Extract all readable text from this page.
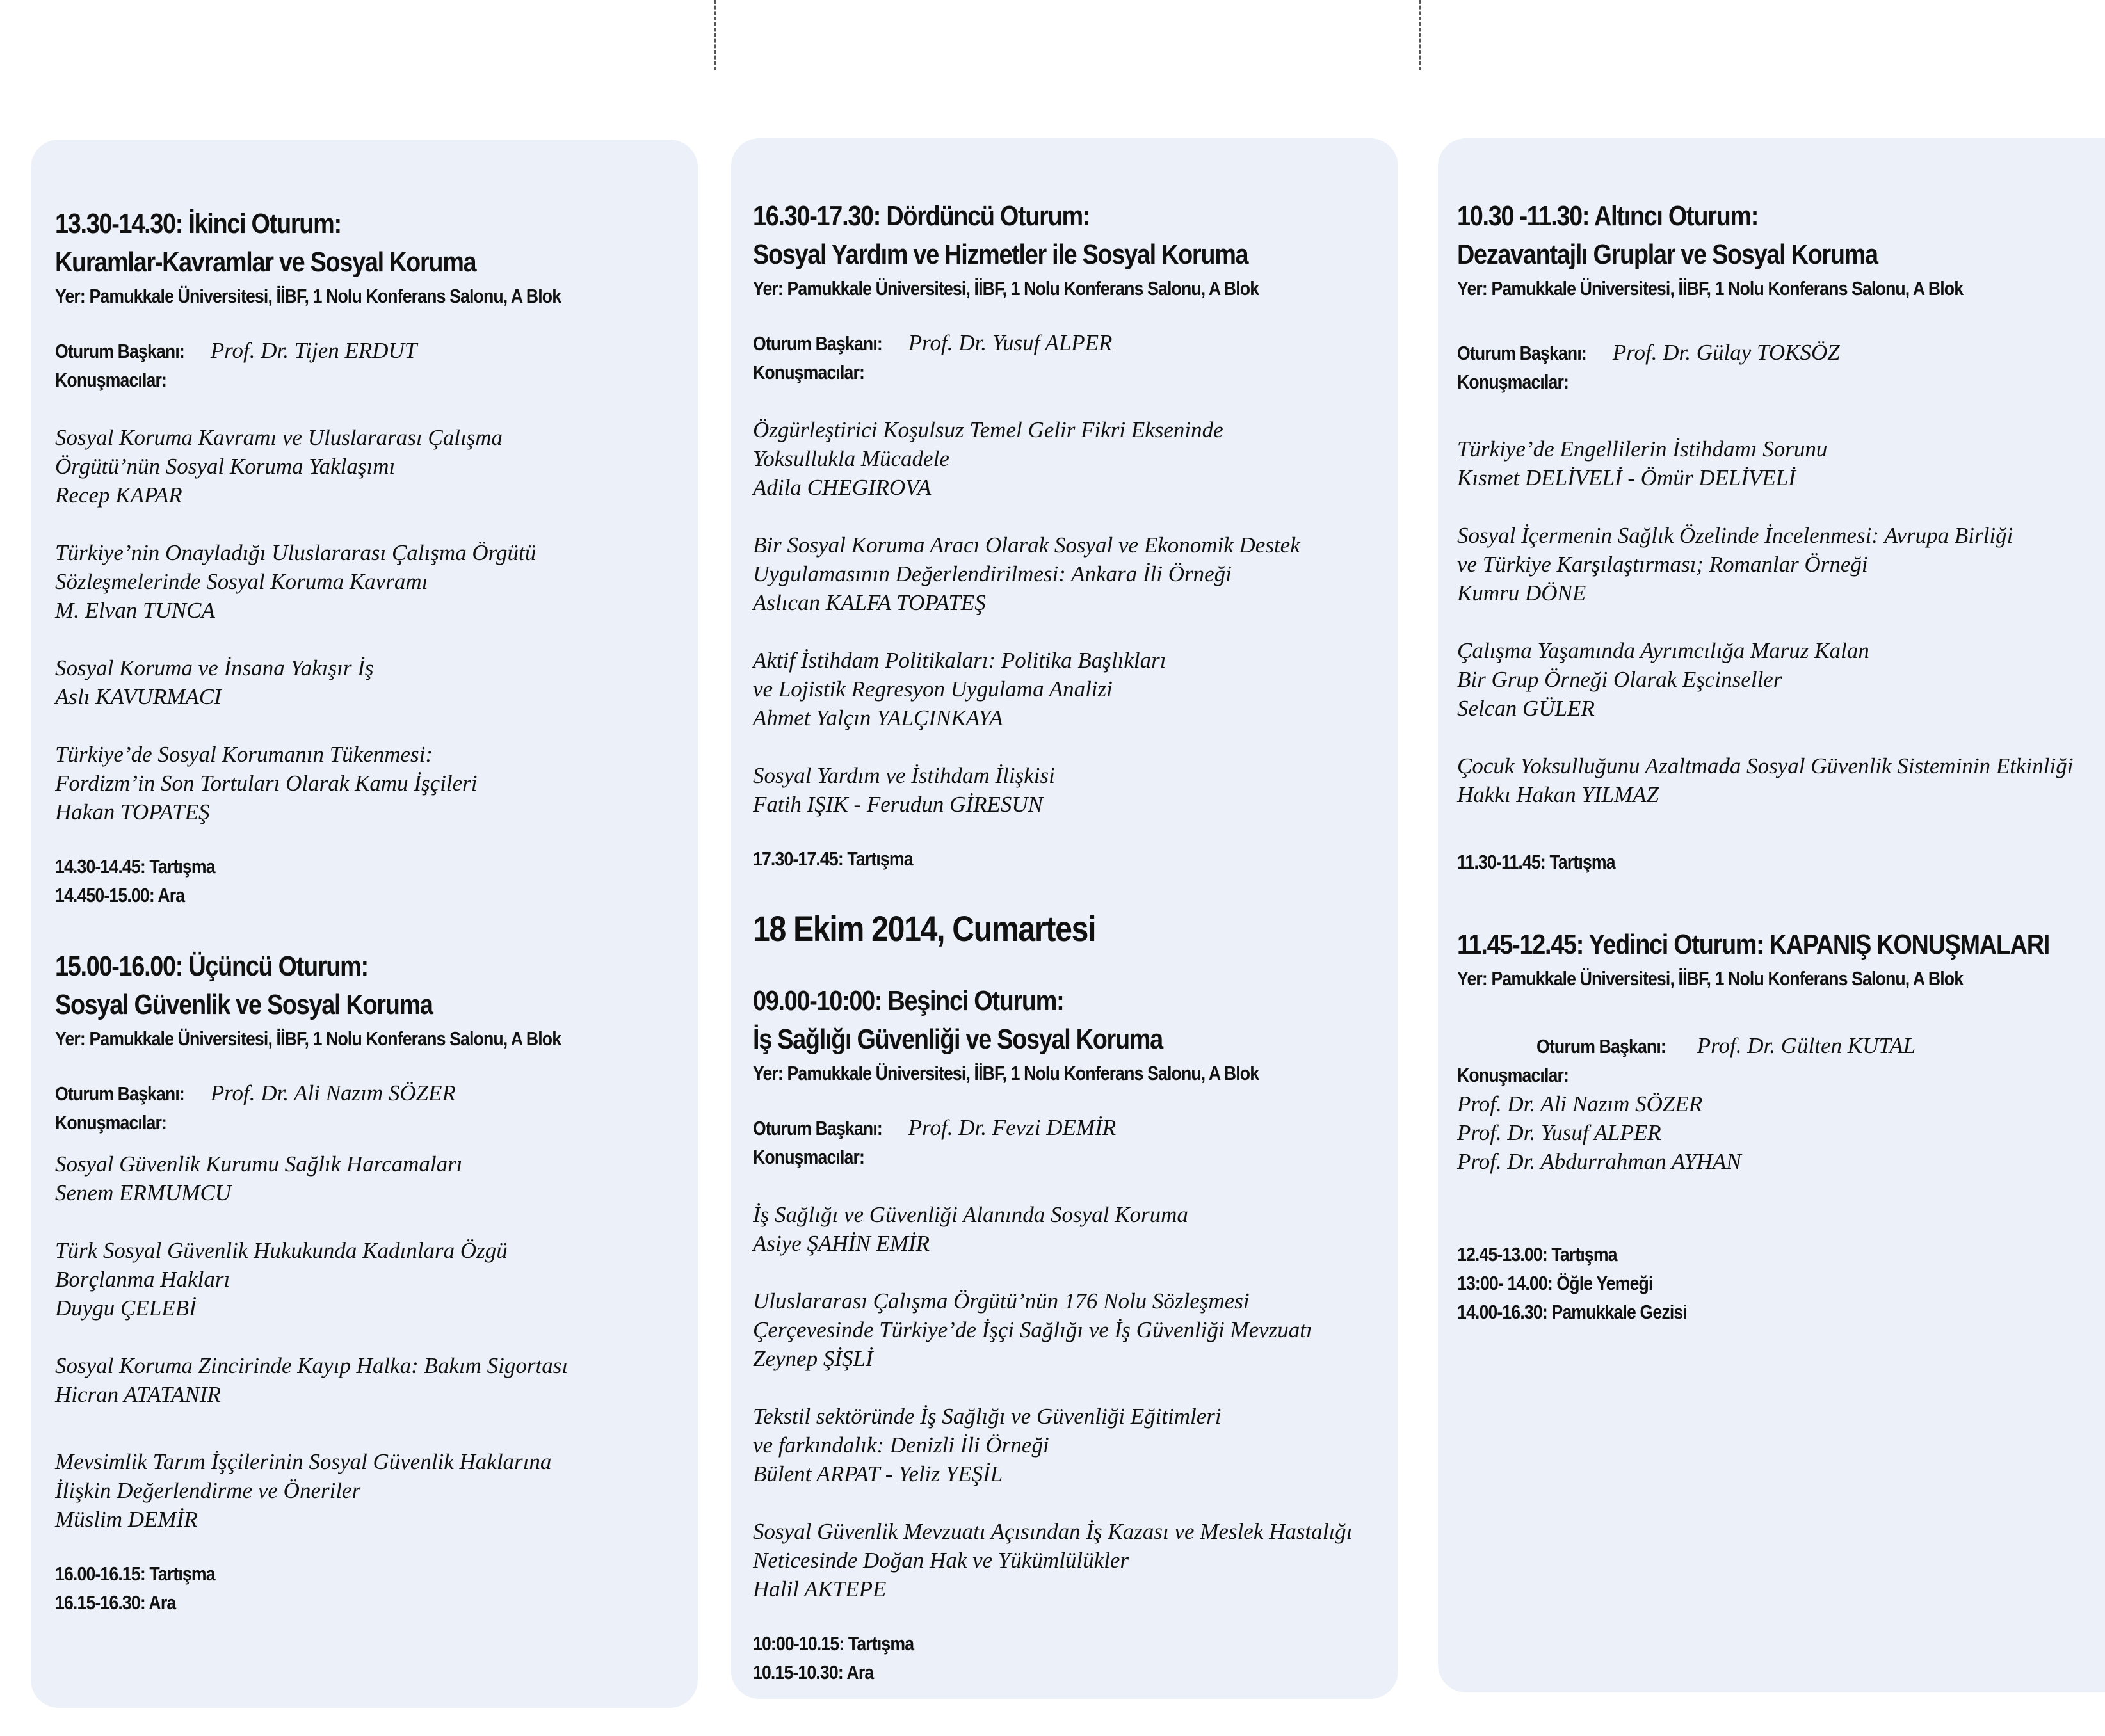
13.30-14.30: İkinci Oturum:
Kuramlar-Kavramlar ve Sosyal Koruma
Yer: Pamukkale Üniversitesi, İİBF, 1 Nolu Konferans Salonu, A Blok
Oturum Başkanı: Prof. Dr. Tijen ERDUT
Konuşmacılar:
Sosyal Koruma Kavramı ve Uluslararası Çalışma
Örgütü’nün Sosyal Koruma Yaklaşımı
Recep KAPAR
Türkiye’nin Onayladığı Uluslararası Çalışma Örgütü
Sözleşmelerinde Sosyal Koruma Kavramı
M. Elvan TUNCA
Sosyal Koruma ve İnsana Yakışır İş
Aslı KAVURMACI
Türkiye’de Sosyal Korumanın Tükenmesi:
Fordizm’in Son Tortuları Olarak Kamu İşçileri
Hakan TOPATEŞ
14.30-14.45: Tartışma
14.450-15.00: Ara
15.00-16.00: Üçüncü Oturum:
Sosyal Güvenlik ve Sosyal Koruma
Yer: Pamukkale Üniversitesi, İİBF, 1 Nolu Konferans Salonu, A Blok
Oturum Başkanı: Prof. Dr. Ali Nazım SÖZER
Konuşmacılar:
Sosyal Güvenlik Kurumu Sağlık Harcamaları
Senem ERMUMCU
Türk Sosyal Güvenlik Hukukunda Kadınlara Özgü
Borçlanma Hakları
Duygu ÇELEBİ
Sosyal Koruma Zincirinde Kayıp Halka: Bakım Sigortası
Hicran ATATANIR
Mevsimlik Tarım İşçilerinin Sosyal Güvenlik Haklarına
İlişkin Değerlendirme ve Öneriler
Müslim DEMİR
16.00-16.15: Tartışma
16.15-16.30: Ara
16.30-17.30: Dördüncü Oturum:
Sosyal Yardım ve Hizmetler ile Sosyal Koruma
Yer: Pamukkale Üniversitesi, İİBF, 1 Nolu Konferans Salonu, A Blok
Oturum Başkanı: Prof. Dr. Yusuf ALPER
Konuşmacılar:
Özgürleştirici Koşulsuz Temel Gelir Fikri Ekseninde
Yoksullukla Mücadele
Adila CHEGIROVA
Bir Sosyal Koruma Aracı Olarak Sosyal ve Ekonomik Destek
Uygulamasının Değerlendirilmesi: Ankara İli Örneği
Aslıcan KALFA TOPATEŞ
Aktif İstihdam Politikaları: Politika Başlıkları
ve Lojistik Regresyon Uygulama Analizi
Ahmet Yalçın YALÇINKAYA
Sosyal Yardım ve İstihdam İlişkisi
Fatih IŞIK - Ferudun GİRESUN
17.30-17.45: Tartışma
18 Ekim 2014, Cumartesi
09.00-10:00: Beşinci Oturum:
İş Sağlığı Güvenliği ve Sosyal Koruma
Yer: Pamukkale Üniversitesi, İİBF, 1 Nolu Konferans Salonu, A Blok
Oturum Başkanı: Prof. Dr. Fevzi DEMİR
Konuşmacılar:
İş Sağlığı ve Güvenliği Alanında Sosyal Koruma
Asiye ŞAHİN EMİR
Uluslararası Çalışma Örgütü’nün 176 Nolu Sözleşmesi
Çerçevesinde Türkiye’de İşçi Sağlığı ve İş Güvenliği Mevzuatı
Zeynep ŞİŞLİ
Tekstil sektöründe İş Sağlığı ve Güvenliği Eğitimleri
ve farkındalık: Denizli İli Örneği
Bülent ARPAT - Yeliz YEŞİL
Sosyal Güvenlik Mevzuatı Açısından İş Kazası ve Meslek Hastalığı
Neticesinde Doğan Hak ve Yükümlülükler
Halil AKTEPE
10:00-10.15: Tartışma
10.15-10.30: Ara
10.30 -11.30: Altıncı Oturum:
Dezavantajlı Gruplar ve Sosyal Koruma
Yer: Pamukkale Üniversitesi, İİBF, 1 Nolu Konferans Salonu, A Blok
Oturum Başkanı: Prof. Dr. Gülay TOKSÖZ
Konuşmacılar:
Türkiye’de Engellilerin İstihdamı Sorunu
Kısmet DELİVELİ - Ömür DELİVELİ
Sosyal İçermenin Sağlık Özelinde İncelenmesi: Avrupa Birliği
ve Türkiye Karşılaştırması; Romanlar Örneği
Kumru DÖNE
Çalışma Yaşamında Ayrımcılığa Maruz Kalan
Bir Grup Örneği Olarak Eşcinseller
Selcan GÜLER
Çocuk Yoksulluğunu Azaltmada Sosyal Güvenlik Sisteminin Etkinliği
Hakkı Hakan YILMAZ
11.30-11.45: Tartışma
11.45-12.45: Yedinci Oturum: KAPANIŞ KONUŞMALARI
Yer: Pamukkale Üniversitesi, İİBF, 1 Nolu Konferans Salonu, A Blok
Oturum Başkanı: Prof. Dr. Gülten KUTAL
Konuşmacılar:
Prof. Dr. Ali Nazım SÖZER
Prof. Dr. Yusuf ALPER
Prof. Dr. Abdurrahman AYHAN
12.45-13.00: Tartışma
13:00- 14.00: Öğle Yemeği
14.00-16.30: Pamukkale Gezisi
